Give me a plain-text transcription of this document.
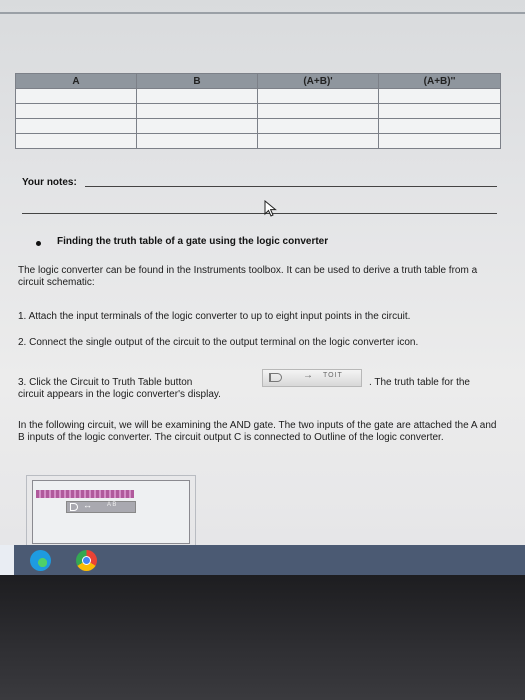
A	B	(A+B)'	(A+B)''

Your notes:
Finding the truth table of a gate using the logic converter

The logic converter can be found in the Instruments toolbox. It can be used to derive a truth table from a circuit schematic:

1. Attach the input terminals of the logic converter to up to eight input points in the circuit.

2. Connect the single output of the circuit to the output terminal on the logic converter icon.

3. Click the Circuit to Truth Table button
→ TOIT
. The truth table for the
circuit appears in the logic converter's display.

In the following circuit, we will be examining the AND gate. The two inputs of the gate are attached the A and B inputs of the logic converter. The circuit output C is connected to Outline of the logic converter.

↔	A B
